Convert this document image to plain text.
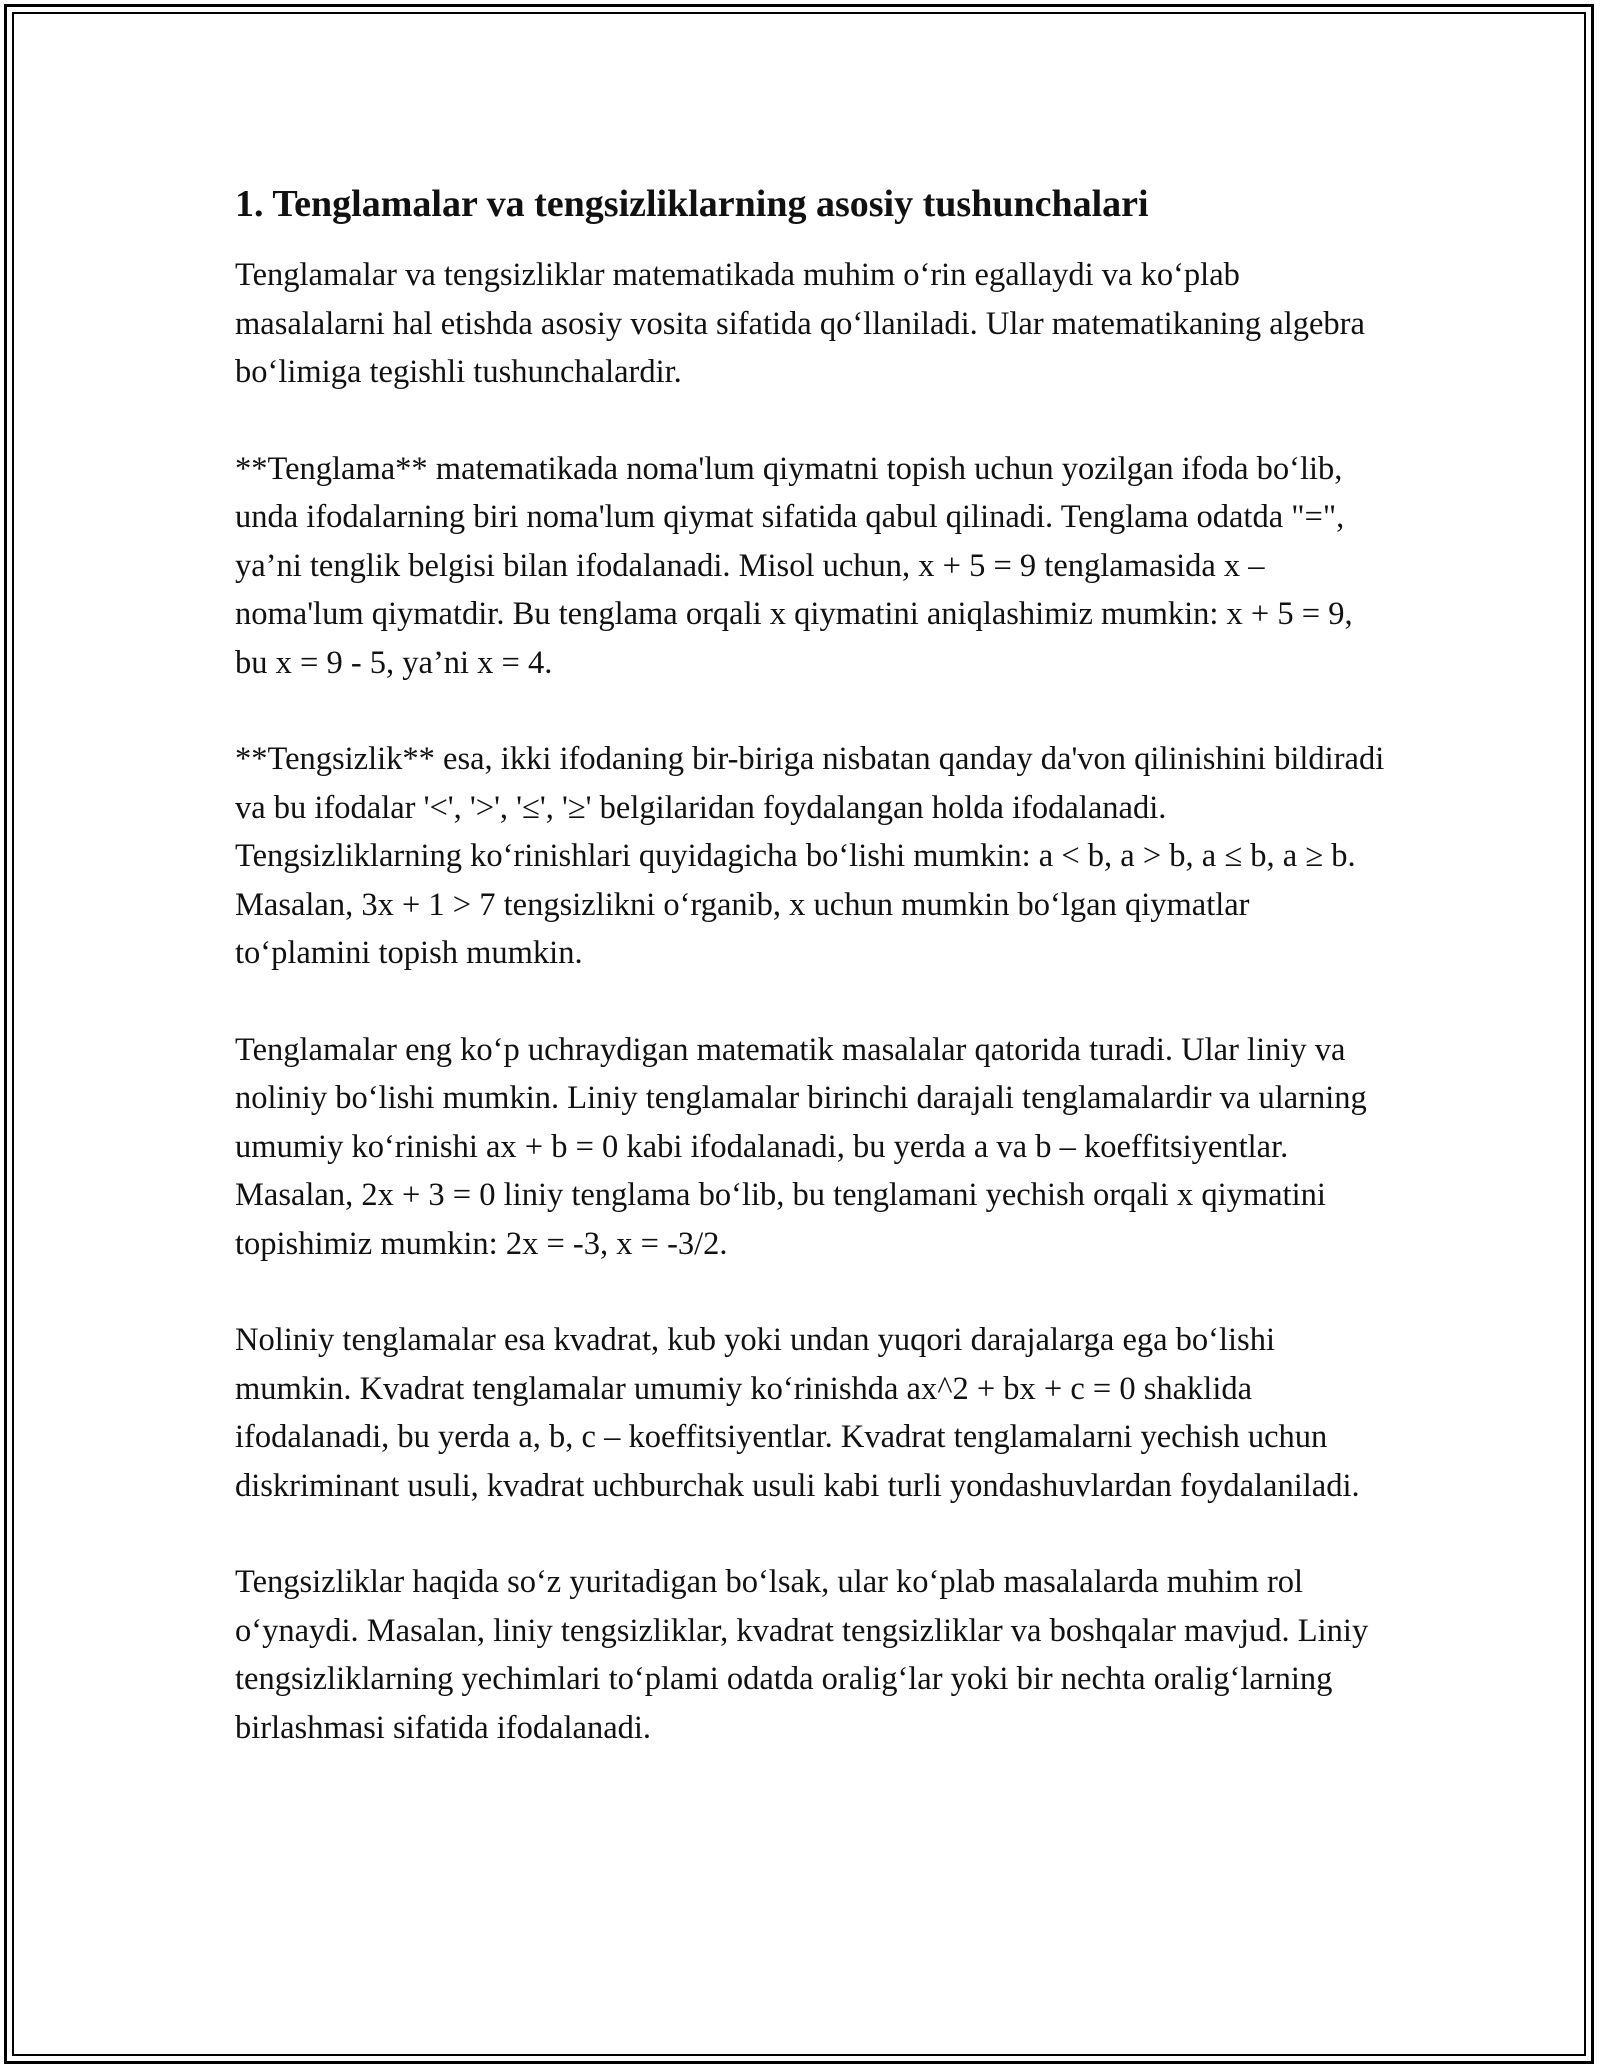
1. Tenglamalar va tengsizliklarning asosiy tushunchalari

Tenglamalar va tengsizliklar matematikada muhim o‘rin egallaydi va ko‘plab masalalarni hal etishda asosiy vosita sifatida qo‘llaniladi. Ular matematikaning algebra bo‘limiga tegishli tushunchalardir.

**Tenglama** matematikada noma'lum qiymatni topish uchun yozilgan ifoda bo‘lib, unda ifodalarning biri noma'lum qiymat sifatida qabul qilinadi. Tenglama odatda "=", ya’ni tenglik belgisi bilan ifodalanadi. Misol uchun, x + 5 = 9 tenglamasida x – noma'lum qiymatdir. Bu tenglama orqali x qiymatini aniqlashimiz mumkin: x + 5 = 9, bu x = 9 - 5, ya’ni x = 4.

**Tengsizlik** esa, ikki ifodaning bir-biriga nisbatan qanday da'von qilinishini bildiradi va bu ifodalar '<', '>', '≤', '≥' belgilaridan foydalangan holda ifodalanadi. Tengsizliklarning ko‘rinishlari quyidagicha bo‘lishi mumkin: a < b, a > b, a ≤ b, a ≥ b. Masalan, 3x + 1 > 7 tengsizlikni o‘rganib, x uchun mumkin bo‘lgan qiymatlar to‘plamini topish mumkin.

Tenglamalar eng ko‘p uchraydigan matematik masalalar qatorida turadi. Ular liniy va noliniy bo‘lishi mumkin. Liniy tenglamalar birinchi darajali tenglamalardir va ularning umumiy ko‘rinishi ax + b = 0 kabi ifodalanadi, bu yerda a va b – koeffitsiyentlar. Masalan, 2x + 3 = 0 liniy tenglama bo‘lib, bu tenglamani yechish orqali x qiymatini topishimiz mumkin: 2x = -3, x = -3/2.

Noliniy tenglamalar esa kvadrat, kub yoki undan yuqori darajalarga ega bo‘lishi mumkin. Kvadrat tenglamalar umumiy ko‘rinishda ax^2 + bx + c = 0 shaklida ifodalanadi, bu yerda a, b, c – koeffitsiyentlar. Kvadrat tenglamalarni yechish uchun diskriminant usuli, kvadrat uchburchak usuli kabi turli yondashuvlardan foydalaniladi.

Tengsizliklar haqida so‘z yuritadigan bo‘lsak, ular ko‘plab masalalarda muhim rol o‘ynaydi. Masalan, liniy tengsizliklar, kvadrat tengsizliklar va boshqalar mavjud. Liniy tengsizliklarning yechimlari to‘plami odatda oralig‘lar yoki bir nechta oralig‘larning birlashmasi sifatida ifodalanadi.
